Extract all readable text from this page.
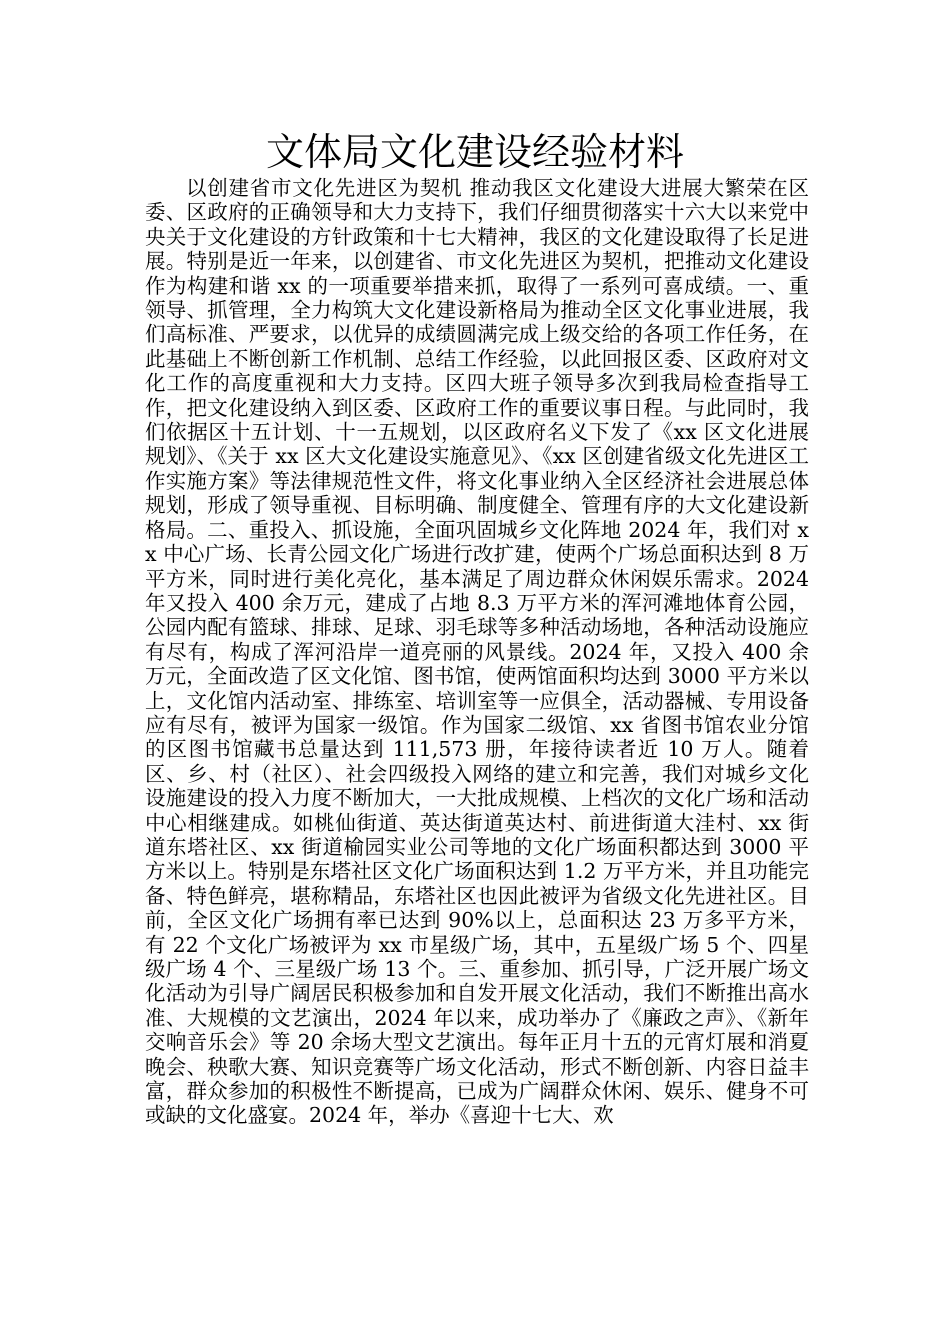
文体局文化建设经验材料

以创建省市文化先进区为契机 推动我区文化建设大进展大繁荣在区委、区政府的正确领导和大力支持下，我们仔细贯彻落实十六大以来党中央关于文化建设的方针政策和十七大精神，我区的文化建设取得了长足进展。特别是近一年来，以创建省、市文化先进区为契机，把推动文化建设作为构建和谐 xx 的一项重要举措来抓，取得了一系列可喜成绩。一、重领导、抓管理，全力构筑大文化建设新格局为推动全区文化事业进展，我们高标准、严要求，以优异的成绩圆满完成上级交给的各项工作任务，在此基础上不断创新工作机制、总结工作经验，以此回报区委、区政府对文化工作的高度重视和大力支持。区四大班子领导多次到我局检查指导工作，把文化建设纳入到区委、区政府工作的重要议事日程。与此同时，我们依据区十五计划、十一五规划，以区政府名义下发了《xx 区文化进展规划》、《关于 xx 区大文化建设实施意见》、《xx 区创建省级文化先进区工作实施方案》等法律规范性文件，将文化事业纳入全区经济社会进展总体规划，形成了领导重视、目标明确、制度健全、管理有序的大文化建设新格局。二、重投入、抓设施，全面巩固城乡文化阵地 2024 年，我们对 xx 中心广场、长青公园文化广场进行改扩建，使两个广场总面积达到 8 万平方米，同时进行美化亮化，基本满足了周边群众休闲娱乐需求。2024 年又投入 400 余万元，建成了占地 8.3 万平方米的浑河滩地体育公园，公园内配有篮球、排球、足球、羽毛球等多种活动场地，各种活动设施应有尽有，构成了浑河沿岸一道亮丽的风景线。2024 年，又投入 400 余万元，全面改造了区文化馆、图书馆，使两馆面积均达到 3000 平方米以上，文化馆内活动室、排练室、培训室等一应俱全，活动器械、专用设备应有尽有，被评为国家一级馆。作为国家二级馆、xx 省图书馆农业分馆的区图书馆藏书总量达到 111,573 册，年接待读者近 10 万人。随着区、乡、村（社区）、社会四级投入网络的建立和完善，我们对城乡文化设施建设的投入力度不断加大，一大批成规模、上档次的文化广场和活动中心相继建成。如桃仙街道、英达街道英达村、前进街道大洼村、xx 街道东塔社区、xx 街道榆园实业公司等地的文化广场面积都达到 3000 平方米以上。特别是东塔社区文化广场面积达到 1.2 万平方米，并且功能完备、特色鲜亮，堪称精品，东塔社区也因此被评为省级文化先进社区。目前，全区文化广场拥有率已达到 90%以上，总面积达 23 万多平方米，有 22 个文化广场被评为 xx 市星级广场，其中，五星级广场 5 个、四星级广场 4 个、三星级广场 13 个。三、重参加、抓引导，广泛开展广场文化活动为引导广阔居民积极参加和自发开展文化活动，我们不断推出高水准、大规模的文艺演出，2024 年以来，成功举办了《廉政之声》、《新年交响音乐会》等 20 余场大型文艺演出。每年正月十五的元宵灯展和消夏晚会、秧歌大赛、知识竞赛等广场文化活动，形式不断创新、内容日益丰富，群众参加的积极性不断提高，已成为广阔群众休闲、娱乐、健身不可或缺的文化盛宴。2024 年，举办《喜迎十七大、欢
